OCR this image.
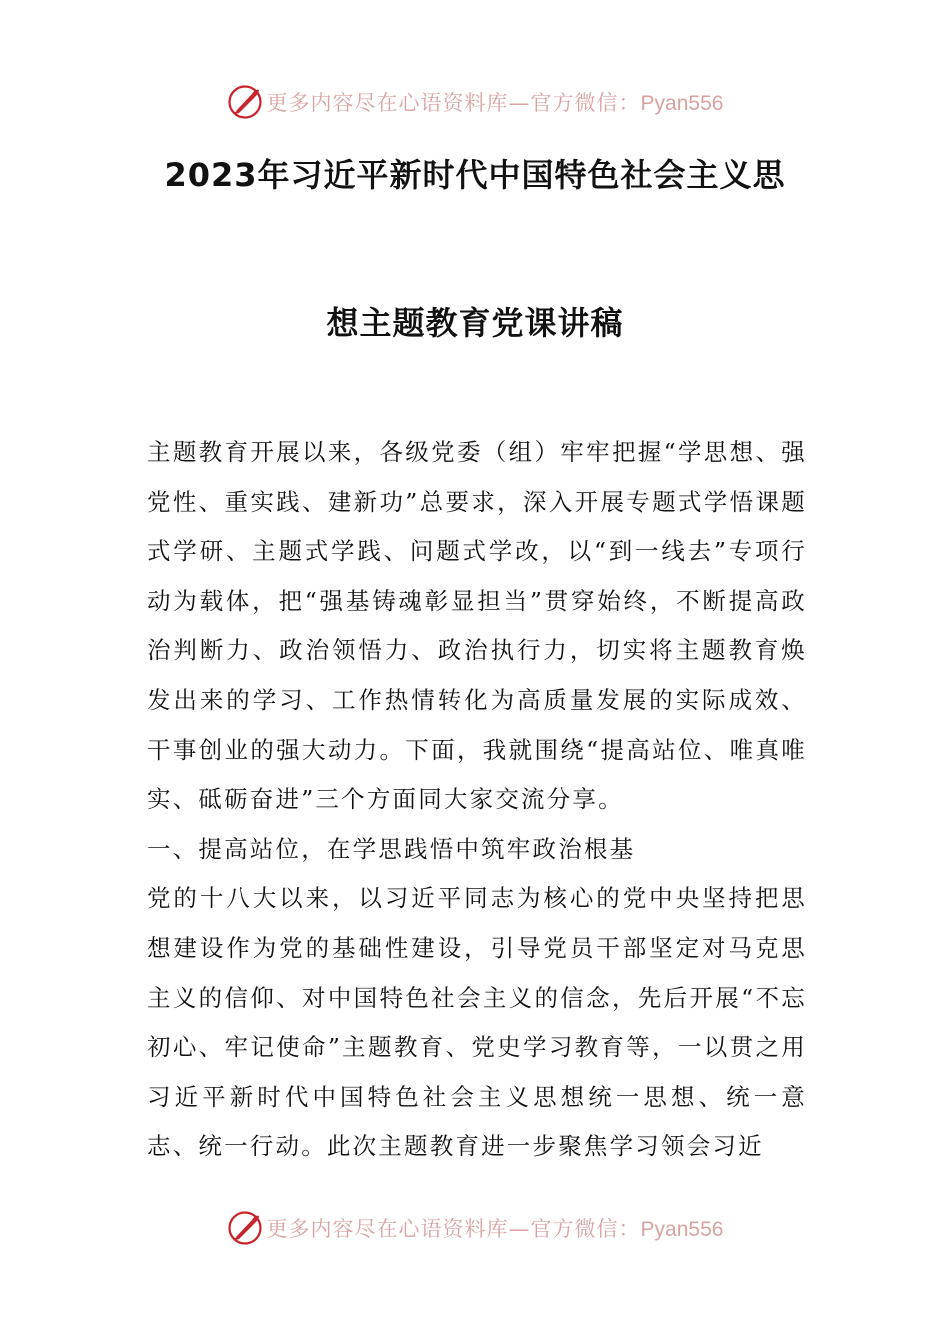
更多内容尽在心语资料库—官方微信：Pyan556
2023年习近平新时代中国特色社会主义思
想主题教育党课讲稿

主题教育开展以来，各级党委（组）牢牢把握“学思想、强党性、重实践、建新功”总要求，深入开展专题式学悟课题式学研、主题式学践、问题式学改，以“到一线去”专项行动为载体，把“强基铸魂彰显担当”贯穿始终，不断提高政治判断力、政治领悟力、政治执行力，切实将主题教育焕发出来的学习、工作热情转化为高质量发展的实际成效、干事创业的强大动力。下面，我就围绕“提高站位、唯真唯实、砥砺奋进”三个方面同大家交流分享。

一、提高站位，在学思践悟中筑牢政治根基

党的十八大以来，以习近平同志为核心的党中央坚持把思想建设作为党的基础性建设，引导党员干部坚定对马克思主义的信仰、对中国特色社会主义的信念，先后开展“不忘初心、牢记使命”主题教育、党史学习教育等，一以贯之用习近平新时代中国特色社会主义思想统一思想、统一意志、统一行动。此次主题教育进一步聚焦学习领会习近

更多内容尽在心语资料库—官方微信：Pyan556
